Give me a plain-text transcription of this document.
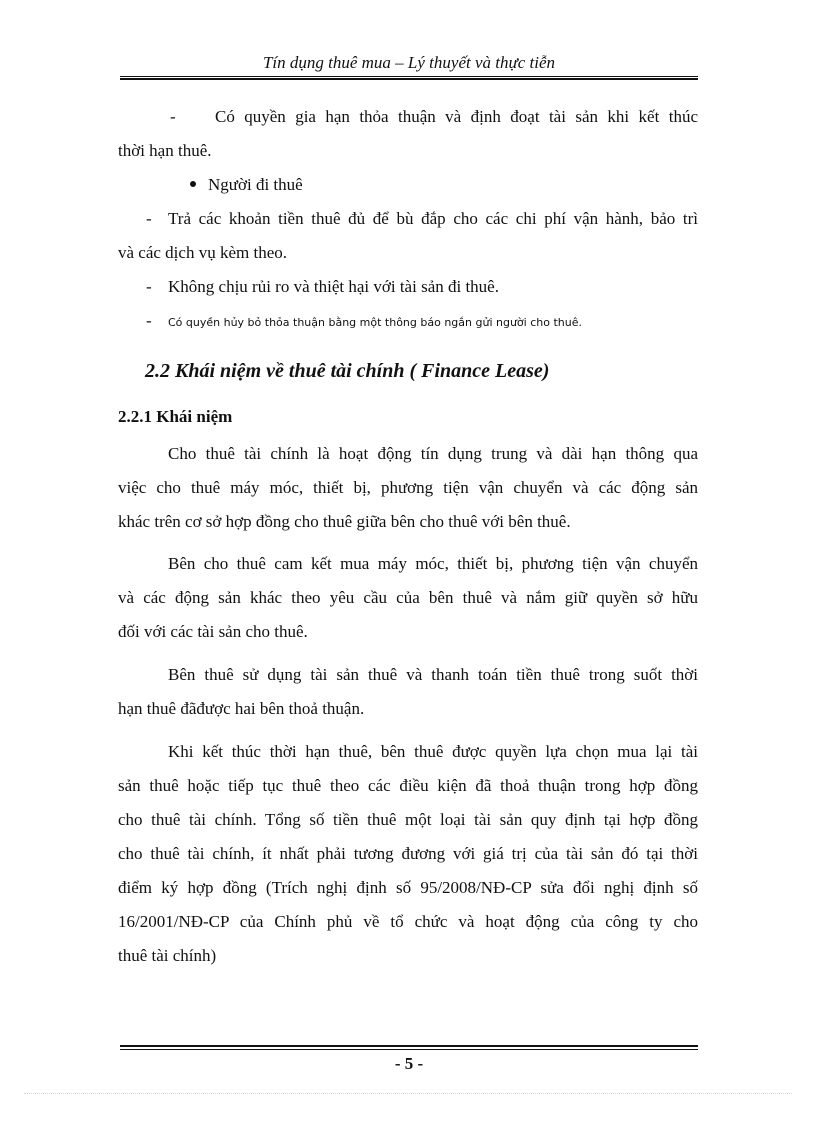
Tín dụng thuê mua – Lý thuyết và thực tiễn
- Có quyền gia hạn thỏa thuận và định đoạt tài sản khi kết thúc
thời hạn thuê.
Người đi thuê
- Trả các khoản tiền thuê đủ để bù đắp cho các chi phí vận hành, bảo trì
và các dịch vụ kèm theo.
- Không chịu rủi ro và thiệt hại với tài sản đi thuê.
- Có quyền hủy bỏ thỏa thuận bằng một thông báo ngắn gửi người cho thuê.
2.2 Khái niệm về thuê tài chính ( Finance Lease)
2.2.1 Khái niệm
Cho thuê tài chính là hoạt động tín dụng trung và dài hạn thông qua
việc cho thuê máy móc, thiết bị, phương tiện vận chuyển và các động sản
khác trên cơ sở hợp đồng cho thuê giữa bên cho thuê với bên thuê.
Bên cho thuê cam kết mua máy móc, thiết bị, phương tiện vận chuyển
và các động sản khác theo yêu cầu của bên thuê và nắm giữ quyền sở hữu
đối với các tài sản cho thuê.
Bên thuê sử dụng tài sản thuê và thanh toán tiền thuê trong suốt thời
hạn thuê đãđược hai bên thoả thuận.
Khi kết thúc thời hạn thuê, bên thuê được quyền lựa chọn mua lại tài
sản thuê hoặc tiếp tục thuê theo các điều kiện đã thoả thuận trong hợp đồng
cho thuê tài chính. Tổng số tiền thuê một loại tài sản quy định tại hợp đồng
cho thuê tài chính, ít nhất phải tương đương với giá trị của tài sản đó tại thời
điểm ký hợp đồng (Trích nghị định số 95/2008/NĐ-CP sửa đổi nghị định số
16/2001/NĐ-CP của Chính phủ về tổ chức và hoạt động của công ty cho
thuê tài chính)
- 5 -
